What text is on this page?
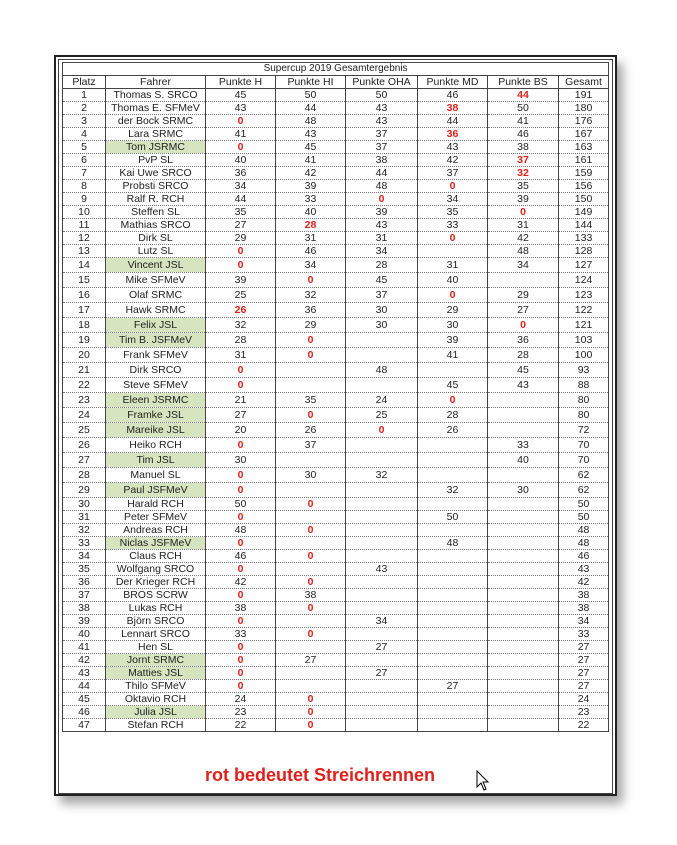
Supercup 2019 Gesamtergebnis							
Platz	Fahrer	Punkte H	Punkte HI	Punkte OHA	Punkte MD	Punkte BS	Gesamt
1	Thomas S. SRCO	45	50	50	46	44	191
2	Thomas E. SFMeV	43	44	43	38	50	180
3	der Bock SRMC	0	48	43	44	41	176
4	Lara SRMC	41	43	37	36	46	167
5	Tom JSRMC	0	45	37	43	38	163
6	PvP SL	40	41	38	42	37	161
7	Kai Uwe SRCO	36	42	44	37	32	159
8	Probsti SRCO	34	39	48	0	35	156
9	Ralf R. RCH	44	33	0	34	39	150
10	Steffen SL	35	40	39	35	0	149
11	Mathias SRCO	27	28	43	33	31	144
12	Dirk SL	29	31	31	0	42	133
13	Lutz SL	0	46	34		48	128
14	Vincent JSL	0	34	28	31	34	127
15	Mike SFMeV	39	0	45	40		124
16	Olaf SRMC	25	32	37	0	29	123
17	Hawk SRMC	26	36	30	29	27	122
18	Felix JSL	32	29	30	30	0	121
19	Tim B. JSFMeV	28	0		39	36	103
20	Frank SFMeV	31	0		41	28	100
21	Dirk SRCO	0		48		45	93
22	Steve SFMeV	0			45	43	88
23	Eleen JSRMC	21	35	24	0		80
24	Framke JSL	27	0	25	28		80
25	Mareike JSL	20	26	0	26		72
26	Heiko RCH	0	37			33	70
27	Tim JSL	30				40	70
28	Manuel SL	0	30	32			62
29	Paul JSFMeV	0			32	30	62
30	Harald RCH	50	0				50
31	Peter SFMeV	0			50		50
32	Andreas RCH	48	0				48
33	Niclas JSFMeV	0			48		48
34	Claus RCH	46	0				46
35	Wolfgang SRCO	0		43			43
36	Der Krieger RCH	42	0				42
37	BROS SCRW	0	38				38
38	Lukas RCH	38	0				38
39	Björn SRCO	0		34			34
40	Lennart SRCO	33	0				33
41	Hen SL	0		27			27
42	Jornt SRMC	0	27				27
43	Matties JSL	0		27			27
44	Thilo SFMeV	0			27		27
45	Oktavio RCH	24	0				24
46	Julia JSL	23	0				23
47	Stefan RCH	22	0				22
rot bedeutet Streichrennen
